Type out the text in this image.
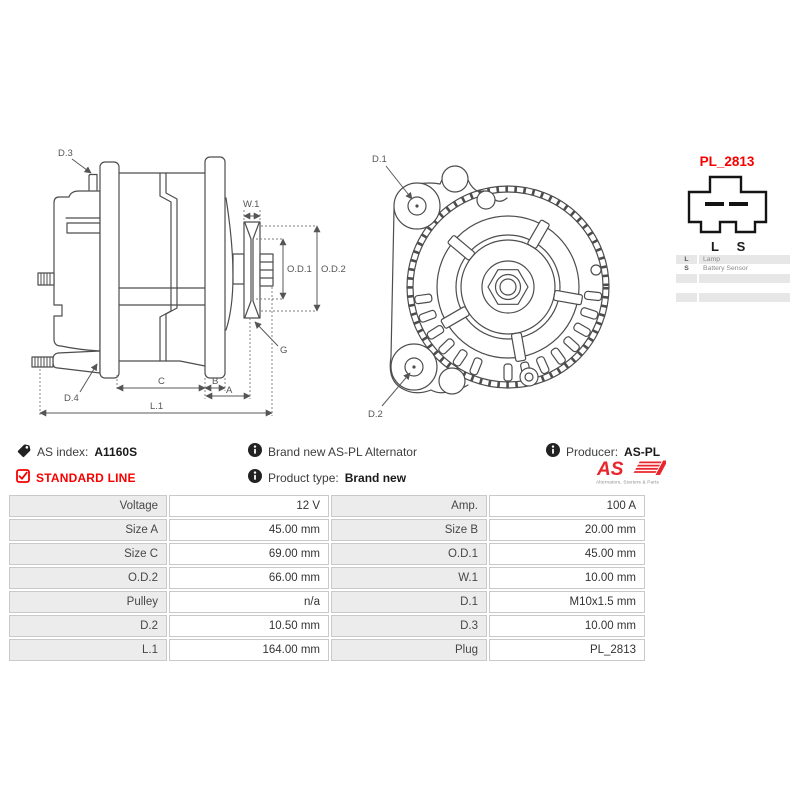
D.3
D.4
W.1
O.D.1 O.D.2
G
C	B
A
L.1
D.1
D.2
PL_2813
L S
L	Lamp
S	Battery Sensor
AS index: A1160S	Brand new AS-PL Alternator	Producer: AS-PL
STANDARD LINE	Product type: Brand new	AS
Alternators, Starters & Parts
Voltage	12 V	Amp.	100 A
Size A	45.00 mm	Size B	20.00 mm
Size C	69.00 mm	O.D.1	45.00 mm
O.D.2	66.00 mm	W.1	10.00 mm
Pulley	n/a	D.1	M10x1.5 mm
D.2	10.50 mm	D.3	10.00 mm
L.1	164.00 mm	Plug	PL_2813
